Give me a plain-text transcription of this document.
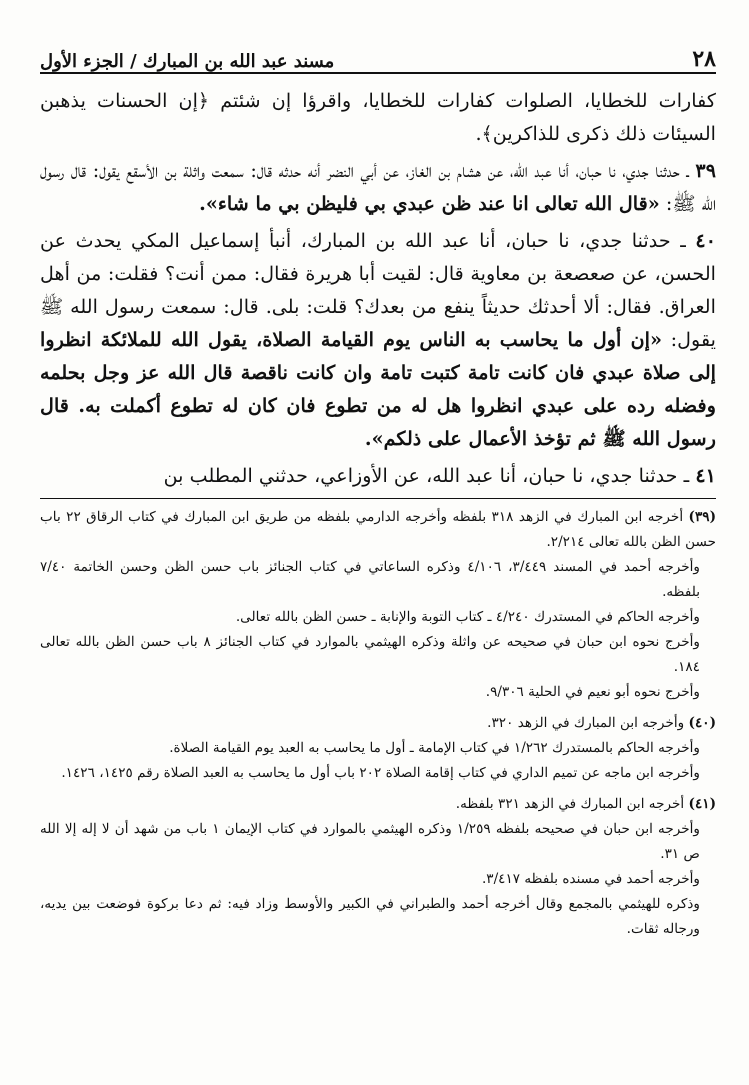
٢٨
مسند عبد الله بن المبارك / الجزء الأول

كفارات للخطايا، الصلوات كفارات للخطايا، واقرؤا إن شئتم ﴿إن الحسنات يذهبن السيئات ذلك ذكرى للذاكرين﴾.

٣٩ ـ حدثنا جدي، نا حبان، أنا عبد الله، عن هشام بن الغاز، عن أبي النضر أنه حدثه قال: سمعت واثلة بن الأسقع يقول: قال رسول الله ﷺ: «قال الله تعالى انا عند ظن عبدي بي فليظن بي ما شاء».

٤٠ ـ حدثنا جدي، نا حبان، أنا عبد الله بن المبارك، أنبأ إسماعيل المكي يحدث عن الحسن، عن صعصعة بن معاوية قال: لقيت أبا هريرة فقال: ممن أنت؟ فقلت: من أهل العراق. فقال: ألا أحدثك حديثاً ينفع من بعدك؟ قلت: بلى. قال: سمعت رسول الله ﷺ يقول: «إن أول ما يحاسب به الناس يوم القيامة الصلاة، يقول الله للملائكة انظروا إلى صلاة عبدي فان كانت تامة كتبت تامة وان كانت ناقصة قال الله عز وجل بحلمه وفضله رده على عبدي انظروا هل له من تطوع فان كان له تطوع أكملت به. قال رسول الله ﷺ ثم تؤخذ الأعمال على ذلكم».

٤١ ـ حدثنا جدي، نا حبان، أنا عبد الله، عن الأوزاعي، حدثني المطلب بن

(٣٩) أخرجه ابن المبارك في الزهد ٣١٨ بلفظه وأخرجه الدارمي بلفظه من طريق ابن المبارك في كتاب الرقاق ٢٢ باب حسن الظن بالله تعالى ٢/٢١٤.

وأخرجه أحمد في المسند ٣/٤٤٩، ٤/١٠٦ وذكره الساعاتي في كتاب الجنائز باب حسن الظن وحسن الخاتمة ٧/٤٠ بلفظه.

وأخرجه الحاكم في المستدرك ٤/٢٤٠ ـ كتاب التوبة والإنابة ـ حسن الظن بالله تعالى.

وأخرج نحوه ابن حبان في صحيحه عن واثلة وذكره الهيثمي بالموارد في كتاب الجنائز ٨ باب حسن الظن بالله تعالى ١٨٤.

وأخرج نحوه أبو نعيم في الحلية ٩/٣٠٦.

(٤٠) وأخرجه ابن المبارك في الزهد ٣٢٠.

وأخرجه الحاكم بالمستدرك ١/٢٦٢ في كتاب الإمامة ـ أول ما يحاسب به العبد يوم القيامة الصلاة.

وأخرجه ابن ماجه عن تميم الداري في كتاب إقامة الصلاة ٢٠٢ باب أول ما يحاسب به العبد الصلاة رقم ١٤٢٥، ١٤٢٦.

(٤١) أخرجه ابن المبارك في الزهد ٣٢١ بلفظه.

وأخرجه ابن حبان في صحيحه بلفظه ١/٢٥٩ وذكره الهيثمي بالموارد في كتاب الإيمان ١ باب من شهد أن لا إله إلا الله ص ٣١.

وأخرجه أحمد في مسنده بلفظه ٣/٤١٧.

وذكره للهيثمي بالمجمع وقال أخرجه أحمد والطبراني في الكبير والأوسط وزاد فيه: ثم دعا بركوة فوضعت بين يديه، ورجاله ثقات.
